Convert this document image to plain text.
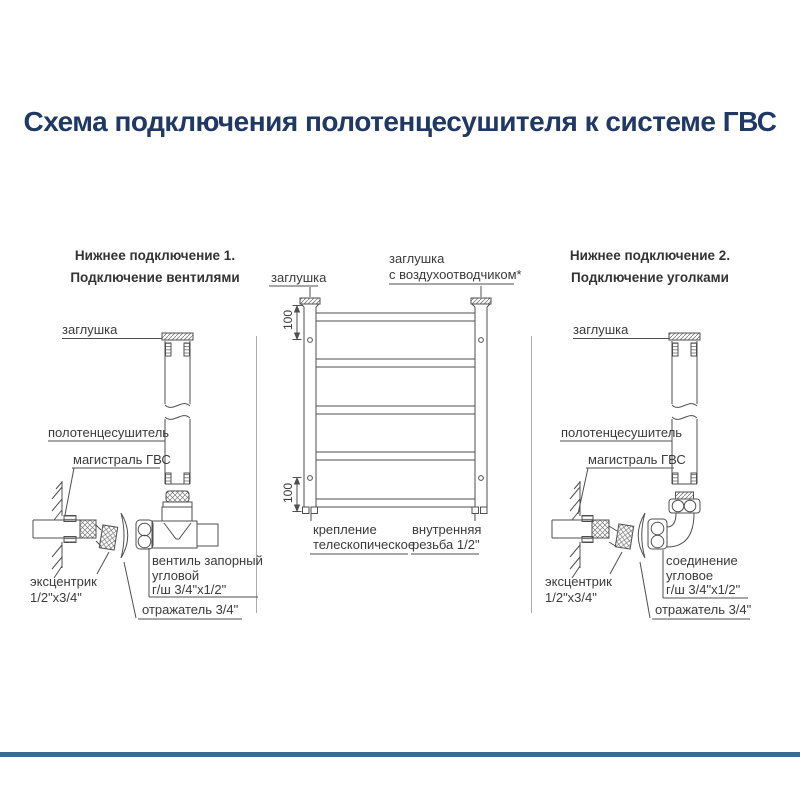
Схема подключения полотенцесушителя к системе ГВС
Нижнее подключение 1.
Подключение вентилями
заглушка
полотенцесушитель
магистраль ГВС
эксцентрик
1/2"х3/4"
вентиль запорный
угловой
г/ш 3/4"х1/2"
отражатель 3/4"
заглушка
заглушка
с воздухоотводчиком*
100
100
крепление
телескопическое
внутренняя
резьба 1/2"
Нижнее подключение 2.
Подключение уголками
заглушка
полотенцесушитель
магистраль ГВС
эксцентрик
1/2"х3/4"
соединение
угловое
г/ш 3/4"x1/2"
отражатель 3/4"
